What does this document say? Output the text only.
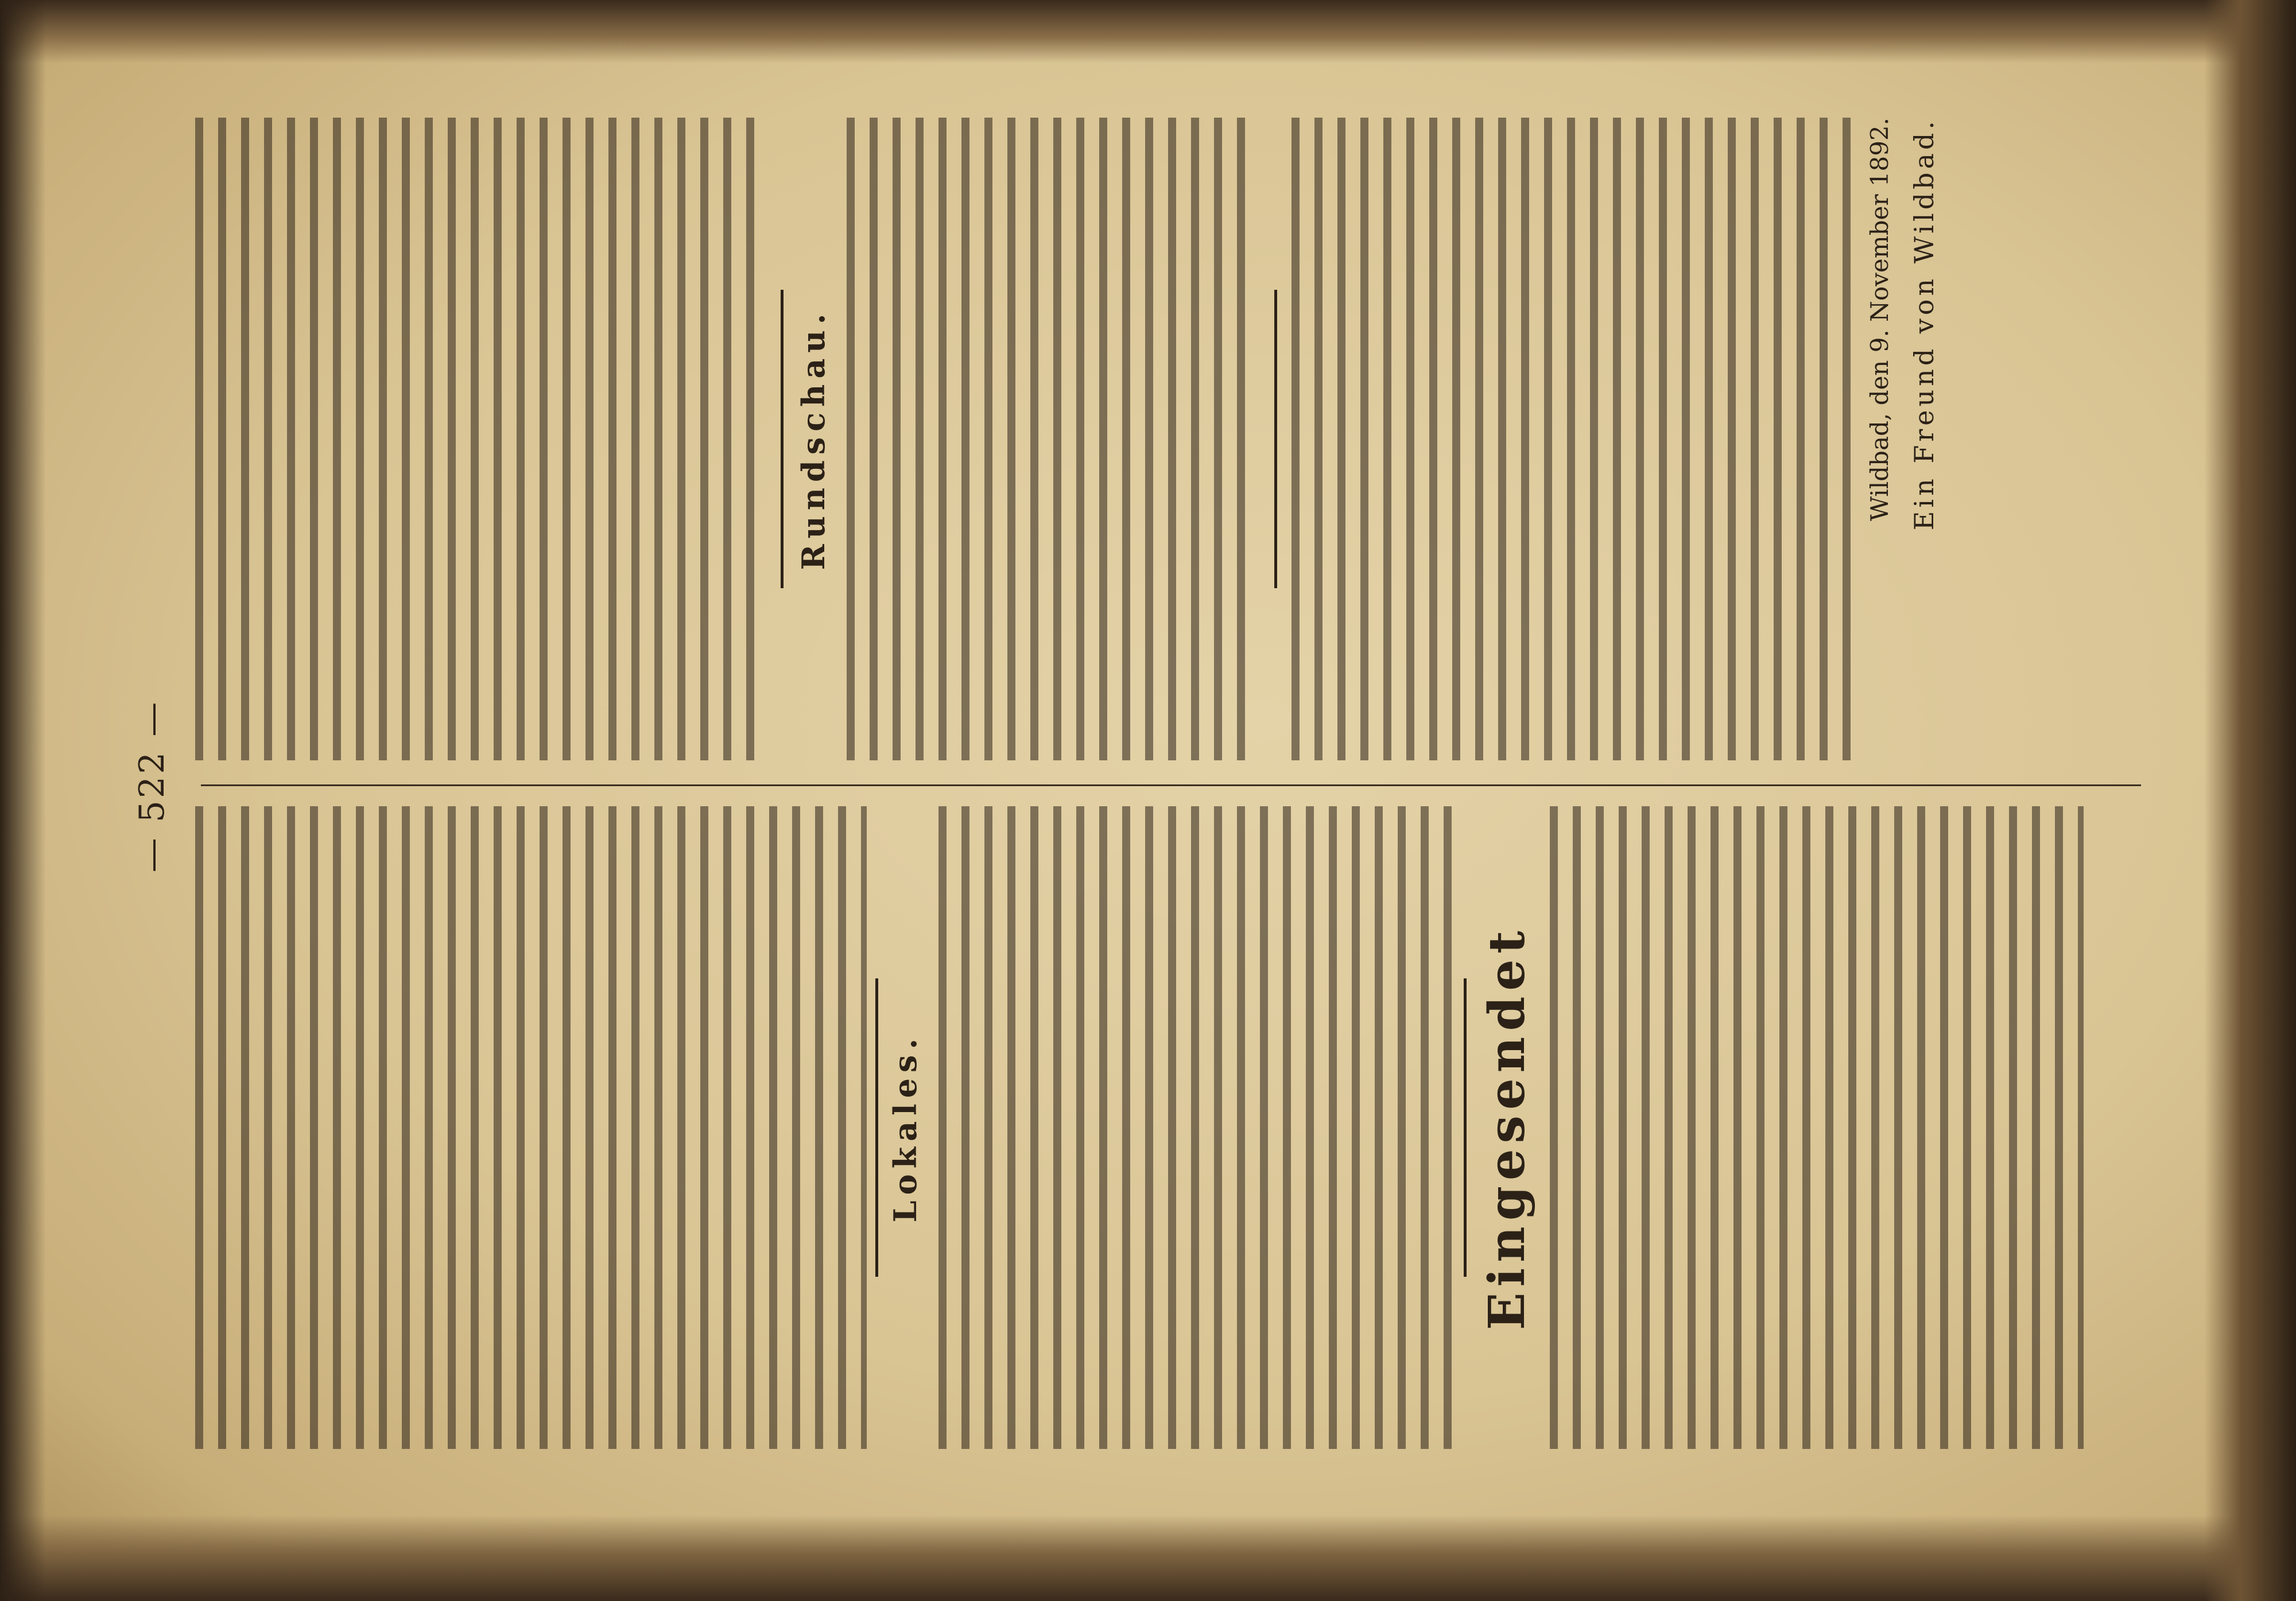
— 522 —
Lokales.	Eingesendet
Rundschau.	Wildbad, den 9. November 1892. Ein Freund von Wildbad.
